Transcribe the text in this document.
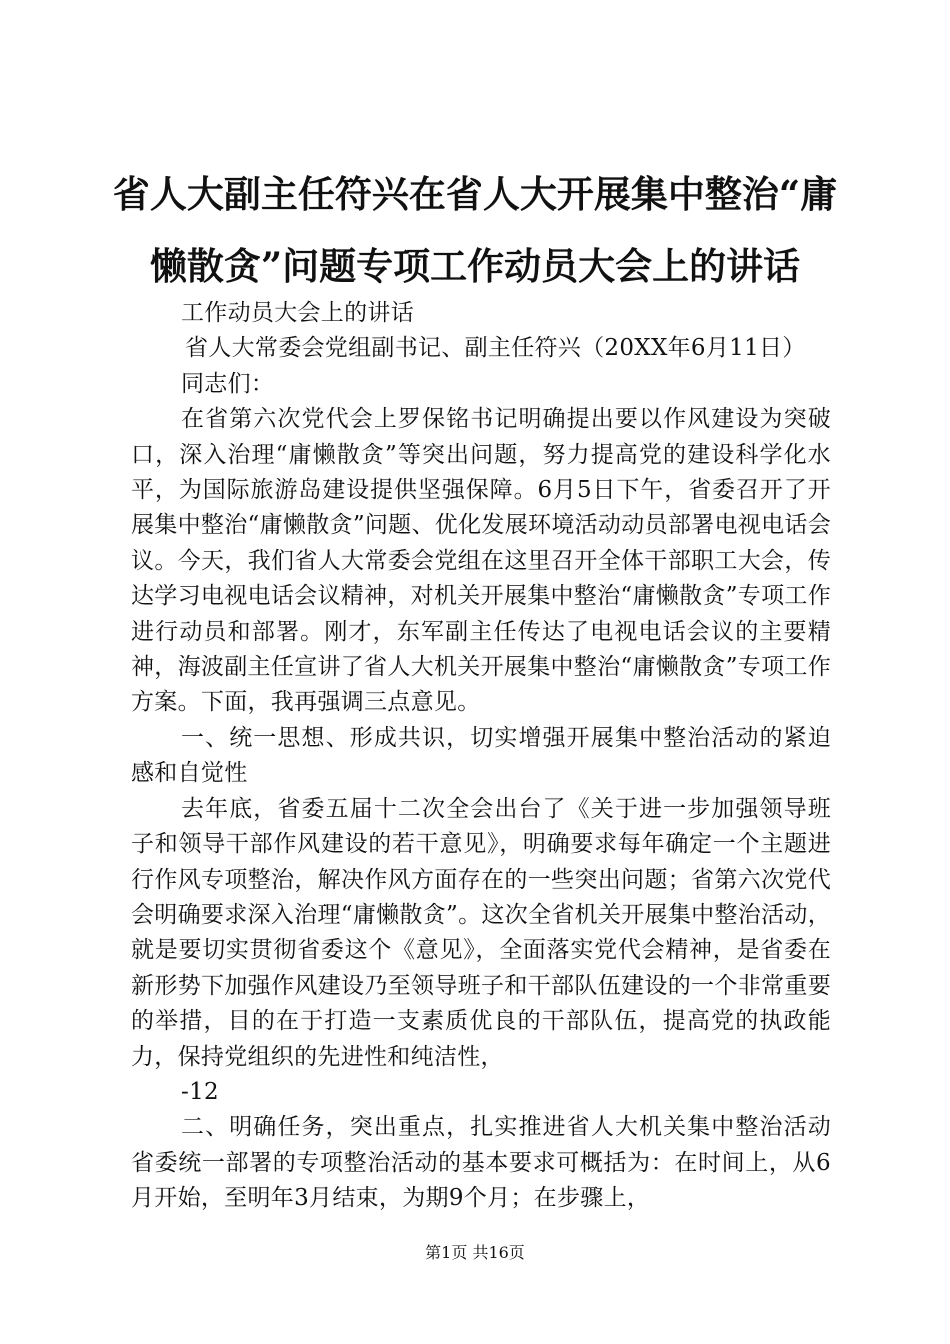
省人大副主任符兴在省人大开展集中整治“庸懒散贪”问题专项工作动员大会上的讲话

工作动员大会上的讲话

省人大常委会党组副书记、副主任符兴（20XX年6月11日）

同志们：

在省第六次党代会上罗保铭书记明确提出要以作风建设为突破口，深入治理“庸懒散贪”等突出问题，努力提高党的建设科学化水平，为国际旅游岛建设提供坚强保障。6月5日下午，省委召开了开展集中整治“庸懒散贪”问题、优化发展环境活动动员部署电视电话会议。今天，我们省人大常委会党组在这里召开全体干部职工大会，传达学习电视电话会议精神，对机关开展集中整治“庸懒散贪”专项工作进行动员和部署。刚才，东军副主任传达了电视电话会议的主要精神，海波副主任宣讲了省人大机关开展集中整治“庸懒散贪”专项工作方案。下面，我再强调三点意见。

一、统一思想、形成共识，切实增强开展集中整治活动的紧迫感和自觉性

去年底，省委五届十二次全会出台了《关于进一步加强领导班子和领导干部作风建设的若干意见》，明确要求每年确定一个主题进行作风专项整治，解决作风方面存在的一些突出问题；省第六次党代会明确要求深入治理“庸懒散贪”。这次全省机关开展集中整治活动，就是要切实贯彻省委这个《意见》，全面落实党代会精神，是省委在新形势下加强作风建设乃至领导班子和干部队伍建设的一个非常重要的举措，目的在于打造一支素质优良的干部队伍，提高党的执政能力，保持党组织的先进性和纯洁性，

-12

二、明确任务，突出重点，扎实推进省人大机关集中整治活动省委统一部署的专项整治活动的基本要求可概括为：在时间上，从6月开始，至明年3月结束，为期9个月；在步骤上，

第1页 共16页
